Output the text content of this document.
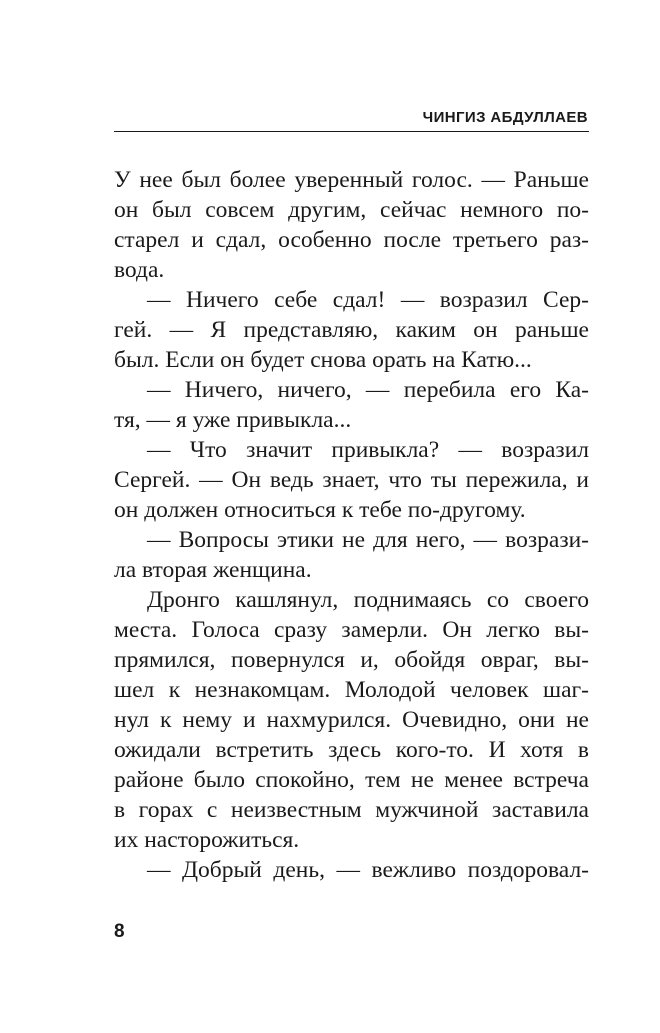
ЧИНГИЗ АБДУЛЛАЕВ
У нее был более уверенный голос. — Раньше
он был совсем другим, сейчас немного по-
старел и сдал, особенно после третьего раз-
вода.
— Ничего себе сдал! — возразил Сер-
гей. — Я представляю, каким он раньше
был. Если он будет снова орать на Катю...
— Ничего, ничего, — перебила его Ка-
тя, — я уже привыкла...
— Что значит привыкла? — возразил
Сергей. — Он ведь знает, что ты пережила, и
он должен относиться к тебе по-другому.
— Вопросы этики не для него, — возрази-
ла вторая женщина.
Дронго кашлянул, поднимаясь со своего
места. Голоса сразу замерли. Он легко вы-
прямился, повернулся и, обойдя овраг, вы-
шел к незнакомцам. Молодой человек шаг-
нул к нему и нахмурился. Очевидно, они не
ожидали встретить здесь кого-то. И хотя в
районе было спокойно, тем не менее встреча
в горах с неизвестным мужчиной заставила
их насторожиться.
— Добрый день, — вежливо поздоровал-
8
